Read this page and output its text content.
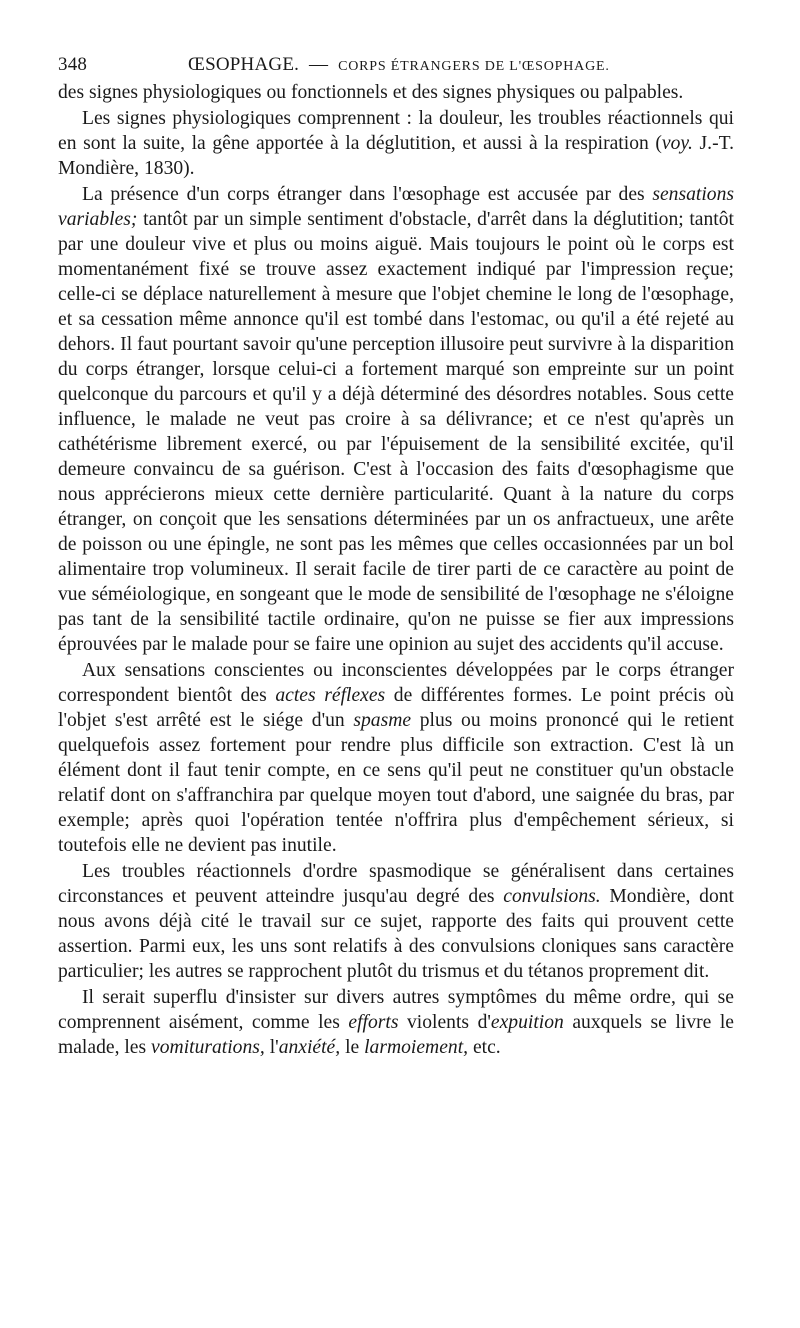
348	ŒSOPHAGE. — CORPS ÉTRANGERS DE L'ŒSOPHAGE.

des signes physiologiques ou fonctionnels et des signes physiques ou palpables.

Les signes physiologiques comprennent : la douleur, les troubles réactionnels qui en sont la suite, la gêne apportée à la déglutition, et aussi à la respiration (voy. J.-T. Mondière, 1830).

La présence d'un corps étranger dans l'œsophage est accusée par des sensations variables; tantôt par un simple sentiment d'obstacle, d'arrêt dans la déglutition; tantôt par une douleur vive et plus ou moins aiguë. Mais toujours le point où le corps est momentanément fixé se trouve assez exactement indiqué par l'impression reçue; celle-ci se déplace naturellement à mesure que l'objet chemine le long de l'œsophage, et sa cessation même annonce qu'il est tombé dans l'estomac, ou qu'il a été rejeté au dehors. Il faut pourtant savoir qu'une perception illusoire peut survivre à la disparition du corps étranger, lorsque celui-ci a fortement marqué son empreinte sur un point quelconque du parcours et qu'il y a déjà déterminé des désordres notables. Sous cette influence, le malade ne veut pas croire à sa délivrance; et ce n'est qu'après un cathétérisme librement exercé, ou par l'épuisement de la sensibilité excitée, qu'il demeure convaincu de sa guérison. C'est à l'occasion des faits d'œsophagisme que nous apprécierons mieux cette dernière particularité. Quant à la nature du corps étranger, on conçoit que les sensations déterminées par un os anfractueux, une arête de poisson ou une épingle, ne sont pas les mêmes que celles occasionnées par un bol alimentaire trop volumineux. Il serait facile de tirer parti de ce caractère au point de vue séméiologique, en songeant que le mode de sensibilité de l'œsophage ne s'éloigne pas tant de la sensibilité tactile ordinaire, qu'on ne puisse se fier aux impressions éprouvées par le malade pour se faire une opinion au sujet des accidents qu'il accuse.

Aux sensations conscientes ou inconscientes développées par le corps étranger correspondent bientôt des actes réflexes de différentes formes. Le point précis où l'objet s'est arrêté est le siége d'un spasme plus ou moins prononcé qui le retient quelquefois assez fortement pour rendre plus difficile son extraction. C'est là un élément dont il faut tenir compte, en ce sens qu'il peut ne constituer qu'un obstacle relatif dont on s'affranchira par quelque moyen tout d'abord, une saignée du bras, par exemple; après quoi l'opération tentée n'offrira plus d'empêchement sérieux, si toutefois elle ne devient pas inutile.

Les troubles réactionnels d'ordre spasmodique se généralisent dans certaines circonstances et peuvent atteindre jusqu'au degré des convulsions. Mondière, dont nous avons déjà cité le travail sur ce sujet, rapporte des faits qui prouvent cette assertion. Parmi eux, les uns sont relatifs à des convulsions cloniques sans caractère particulier; les autres se rapprochent plutôt du trismus et du tétanos proprement dit.

Il serait superflu d'insister sur divers autres symptômes du même ordre, qui se comprennent aisément, comme les efforts violents d'expuition auxquels se livre le malade, les vomiturations, l'anxiété, le larmoiement, etc.
